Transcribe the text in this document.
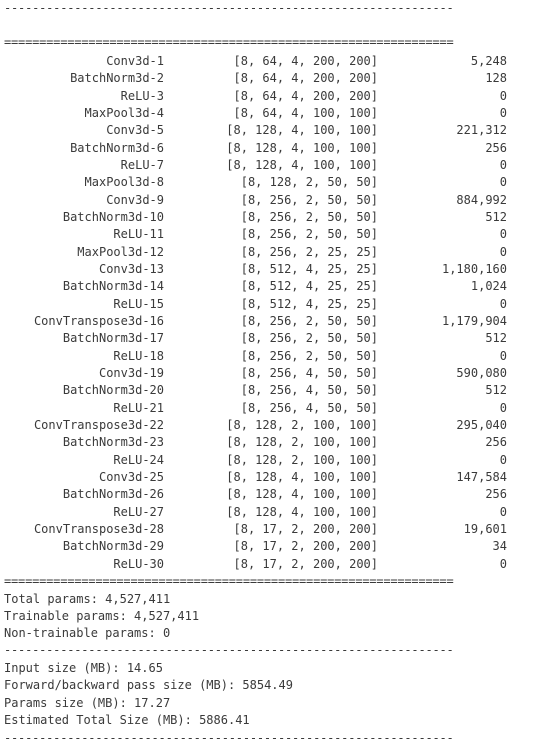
----------------------------------------------------------------

================================================================
Conv3d-1	[8, 64, 4, 200, 200]	5,248
BatchNorm3d-2	[8, 64, 4, 200, 200]	128
ReLU-3	[8, 64, 4, 200, 200]	0
MaxPool3d-4	[8, 64, 4, 100, 100]	0
Conv3d-5	[8, 128, 4, 100, 100]	221,312
BatchNorm3d-6	[8, 128, 4, 100, 100]	256
ReLU-7	[8, 128, 4, 100, 100]	0
MaxPool3d-8	[8, 128, 2, 50, 50]	0
Conv3d-9	[8, 256, 2, 50, 50]	884,992
BatchNorm3d-10	[8, 256, 2, 50, 50]	512
ReLU-11	[8, 256, 2, 50, 50]	0
MaxPool3d-12	[8, 256, 2, 25, 25]	0
Conv3d-13	[8, 512, 4, 25, 25]	1,180,160
BatchNorm3d-14	[8, 512, 4, 25, 25]	1,024
ReLU-15	[8, 512, 4, 25, 25]	0
ConvTranspose3d-16	[8, 256, 2, 50, 50]	1,179,904
BatchNorm3d-17	[8, 256, 2, 50, 50]	512
ReLU-18	[8, 256, 2, 50, 50]	0
Conv3d-19	[8, 256, 4, 50, 50]	590,080
BatchNorm3d-20	[8, 256, 4, 50, 50]	512
ReLU-21	[8, 256, 4, 50, 50]	0
ConvTranspose3d-22	[8, 128, 2, 100, 100]	295,040
BatchNorm3d-23	[8, 128, 2, 100, 100]	256
ReLU-24	[8, 128, 2, 100, 100]	0
Conv3d-25	[8, 128, 4, 100, 100]	147,584
BatchNorm3d-26	[8, 128, 4, 100, 100]	256
ReLU-27	[8, 128, 4, 100, 100]	0
ConvTranspose3d-28	[8, 17, 2, 200, 200]	19,601
BatchNorm3d-29	[8, 17, 2, 200, 200]	34
ReLU-30	[8, 17, 2, 200, 200]	0
================================================================
Total params: 4,527,411
Trainable params: 4,527,411
Non-trainable params: 0
----------------------------------------------------------------
Input size (MB): 14.65
Forward/backward pass size (MB): 5854.49
Params size (MB): 17.27
Estimated Total Size (MB): 5886.41
----------------------------------------------------------------
